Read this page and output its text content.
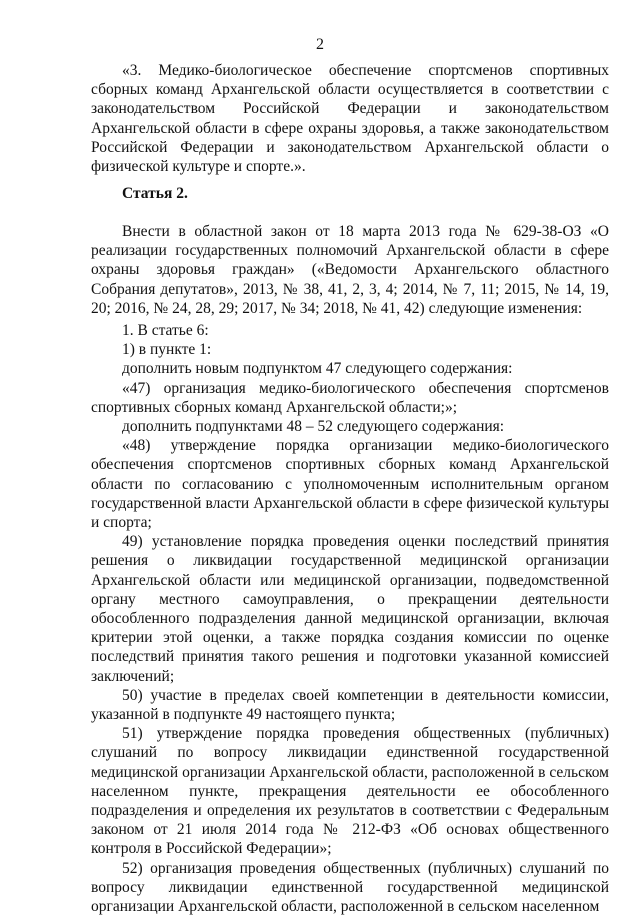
2

«3. Медико-биологическое обеспечение спортсменов спортивных сборных команд Архангельской области осуществляется в соответствии с законодательством Российской Федерации и законодательством Архангельской области в сфере охраны здоровья, а также законодательством Российской Федерации и законодательством Архангельской области о физической культуре и спорте.».

Статья 2.

Внести в областной закон от 18 марта 2013 года № 629-38-ОЗ «О реализации государственных полномочий Архангельской области в сфере охраны здоровья граждан» («Ведомости Архангельского областного Собрания депутатов», 2013, № 38, 41, 2, 3, 4; 2014, № 7, 11; 2015, № 14, 19, 20; 2016, № 24, 28, 29; 2017, № 34; 2018, № 41, 42) следующие изменения:

1. В статье 6:

1) в пункте 1:

дополнить новым подпунктом 47 следующего содержания:

«47) организация медико-биологического обеспечения спортсменов спортивных сборных команд Архангельской области;»;

дополнить подпунктами 48 – 52 следующего содержания:

«48) утверждение порядка организации медико-биологического обеспечения спортсменов спортивных сборных команд Архангельской области по согласованию с уполномоченным исполнительным органом государственной власти Архангельской области в сфере физической культуры и спорта;

49) установление порядка проведения оценки последствий принятия решения о ликвидации государственной медицинской организации Архангельской области или медицинской организации, подведомственной органу местного самоуправления, о прекращении деятельности обособленного подразделения данной медицинской организации, включая критерии этой оценки, а также порядка создания комиссии по оценке последствий принятия такого решения и подготовки указанной комиссией заключений;

50) участие в пределах своей компетенции в деятельности комиссии, указанной в подпункте 49 настоящего пункта;

51) утверждение порядка проведения общественных (публичных) слушаний по вопросу ликвидации единственной государственной медицинской организации Архангельской области, расположенной в сельском населенном пункте, прекращения деятельности ее обособленного подразделения и определения их результатов в соответствии с Федеральным законом от 21 июля 2014 года № 212-ФЗ «Об основах общественного контроля в Российской Федерации»;

52) организация проведения общественных (публичных) слушаний по вопросу ликвидации единственной государственной медицинской организации Архангельской области, расположенной в сельском населенном
